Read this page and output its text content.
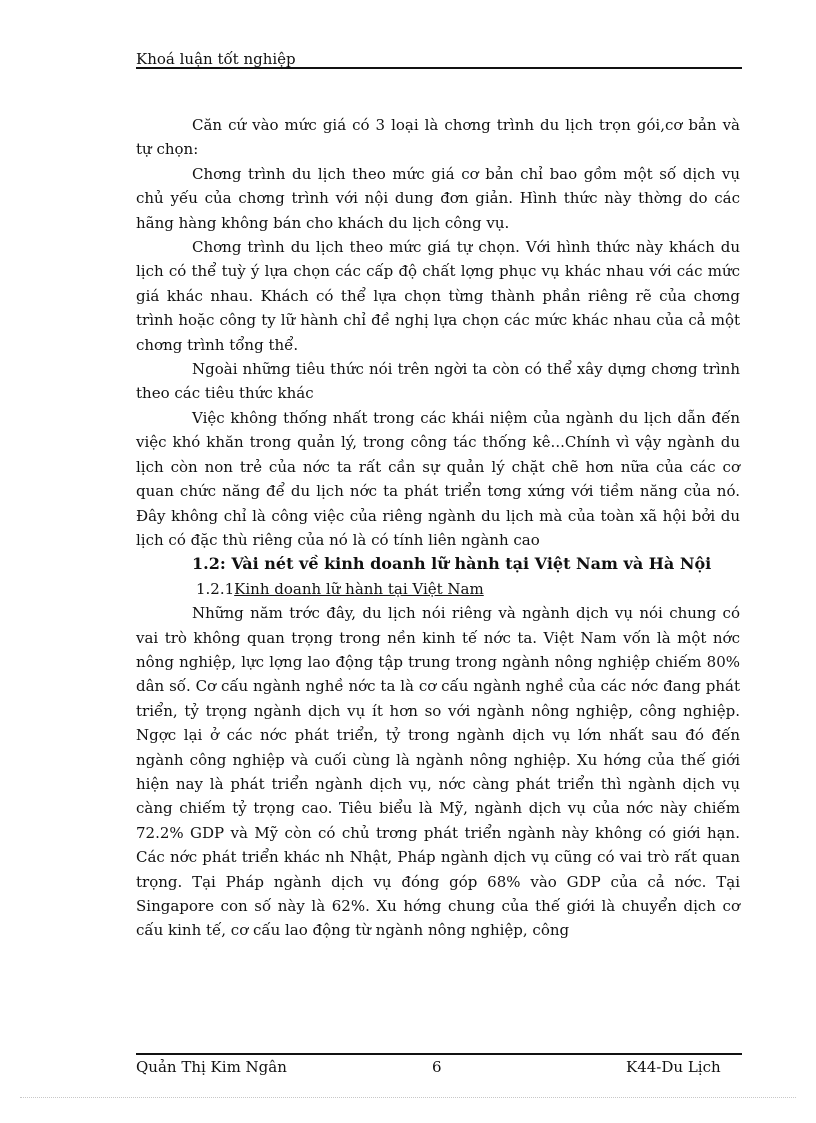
Khoá luận tốt nghiệp

Căn cứ vào mức giá có 3 loại là chơng trình du lịch trọn gói,cơ bản và tự chọn:

Chơng trình du lịch theo mức giá cơ bản chỉ bao gồm một số dịch vụ chủ yếu của chơng trình với nội dung đơn giản. Hình thức này thờng do các hãng hàng không bán cho khách du lịch công vụ.

Chơng trình du lịch theo mức giá tự chọn. Với hình thức này khách du lịch có thể tuỳ ý lựa chọn các cấp độ chất lợng phục vụ khác nhau với các mức giá khác nhau. Khách có thể lựa chọn từng thành phần riêng rẽ của chơng trình hoặc công ty lữ hành chỉ đề nghị lựa chọn các mức khác nhau của cả một chơng trình tổng thể.

Ngoài những tiêu thức nói trên ngời ta còn có thể xây dựng chơng trình theo các tiêu thức khác

Việc không thống nhất trong các khái niệm của ngành du lịch dẫn đến việc khó khăn trong quản lý, trong công tác thống kê...Chính vì vậy ngành du lịch còn non trẻ của nớc ta rất cần sự quản lý chặt chẽ hơn nữa của các cơ quan chức năng để du lịch nớc ta phát triển tơng xứng với tiềm năng của nó. Đây không chỉ là công việc của riêng ngành du lịch mà của toàn xã hội bởi du lịch có đặc thù riêng của nó là có tính liên ngành cao

1.2: Vài nét về kinh doanh lữ hành tại Việt Nam và Hà Nội

1.2.1Kinh doanh lữ hành tại Việt Nam

Những năm trớc đây, du lịch nói riêng và ngành dịch vụ nói chung có vai trò không quan trọng trong nền kinh tế nớc ta. Việt Nam vốn là một nớc nông nghiệp, lực lợng lao động tập trung trong ngành nông nghiệp chiếm 80% dân số. Cơ cấu ngành nghề nớc ta là cơ cấu ngành nghề của các nớc đang phát triển, tỷ trọng ngành dịch vụ ít hơn so với ngành nông nghiệp, công nghiệp. Ngợc lại ở các nớc phát triển, tỷ trong ngành dịch vụ lớn nhất sau đó đến ngành công nghiệp và cuối cùng là ngành nông nghiệp. Xu hớng của thế giới hiện nay là phát triển ngành dịch vụ, nớc càng phát triển thì ngành dịch vụ càng chiếm tỷ trọng cao. Tiêu biểu là Mỹ, ngành dịch vụ của nớc này chiếm 72.2% GDP và Mỹ còn có chủ trơng phát triển ngành này không có giới hạn. Các nớc phát triển khác nh Nhật, Pháp ngành dịch vụ cũng có vai trò rất quan trọng. Tại Pháp ngành dịch vụ đóng góp 68% vào GDP của cả nớc. Tại Singapore con số này là 62%. Xu hớng chung của thế giới là chuyển dịch cơ cấu kinh tế, cơ cấu lao động từ ngành nông nghiệp, công

Quản Thị Kim Ngân	6	K44-Du Lịch
